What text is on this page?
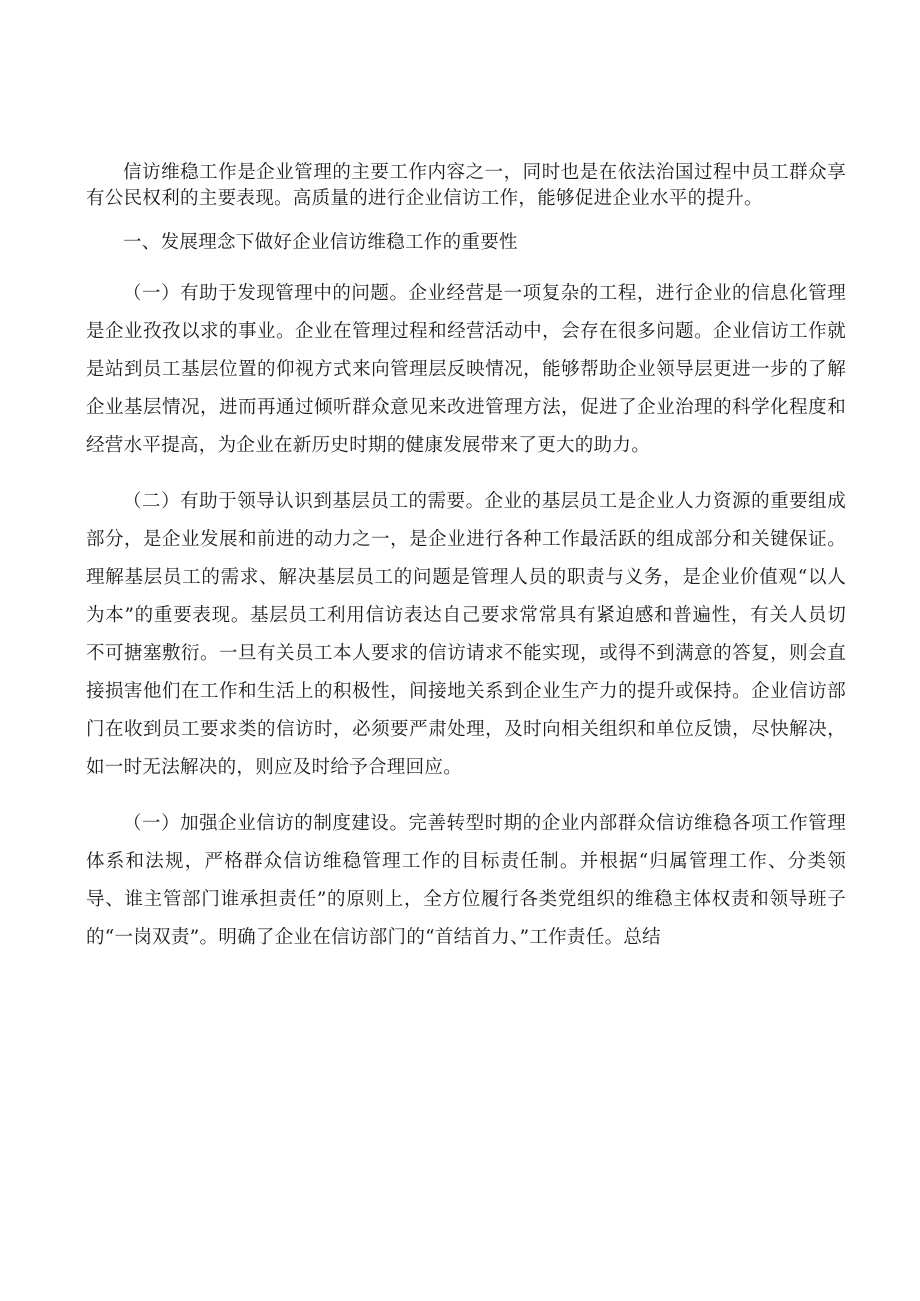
信访维稳工作是企业管理的主要工作内容之一，同时也是在依法治国过程中员工群众享有公民权利的主要表现。高质量的进行企业信访工作，能够促进企业水平的提升。

一、发展理念下做好企业信访维稳工作的重要性

（一）有助于发现管理中的问题。企业经营是一项复杂的工程，进行企业的信息化管理是企业孜孜以求的事业。企业在管理过程和经营活动中，会存在很多问题。企业信访工作就是站到员工基层位置的仰视方式来向管理层反映情况，能够帮助企业领导层更进一步的了解企业基层情况，进而再通过倾听群众意见来改进管理方法，促进了企业治理的科学化程度和经营水平提高，为企业在新历史时期的健康发展带来了更大的助力。

（二）有助于领导认识到基层员工的需要。企业的基层员工是企业人力资源的重要组成部分，是企业发展和前进的动力之一，是企业进行各种工作最活跃的组成部分和关键保证。理解基层员工的需求、解决基层员工的问题是管理人员的职责与义务，是企业价值观“以人为本”的重要表现。基层员工利用信访表达自己要求常常具有紧迫感和普遍性，有关人员切不可搪塞敷衍。一旦有关员工本人要求的信访请求不能实现，或得不到满意的答复，则会直接损害他们在工作和生活上的积极性，间接地关系到企业生产力的提升或保持。企业信访部门在收到员工要求类的信访时，必须要严肃处理，及时向相关组织和单位反馈，尽快解决，如一时无法解决的，则应及时给予合理回应。

（一）加强企业信访的制度建设。完善转型时期的企业内部群众信访维稳各项工作管理体系和法规，严格群众信访维稳管理工作的目标责任制。并根据“归属管理工作、分类领导、谁主管部门谁承担责任”的原则上，全方位履行各类党组织的维稳主体权责和领导班子的“一岗双责”。明确了企业在信访部门的“首结首力、”工作责任。总结
